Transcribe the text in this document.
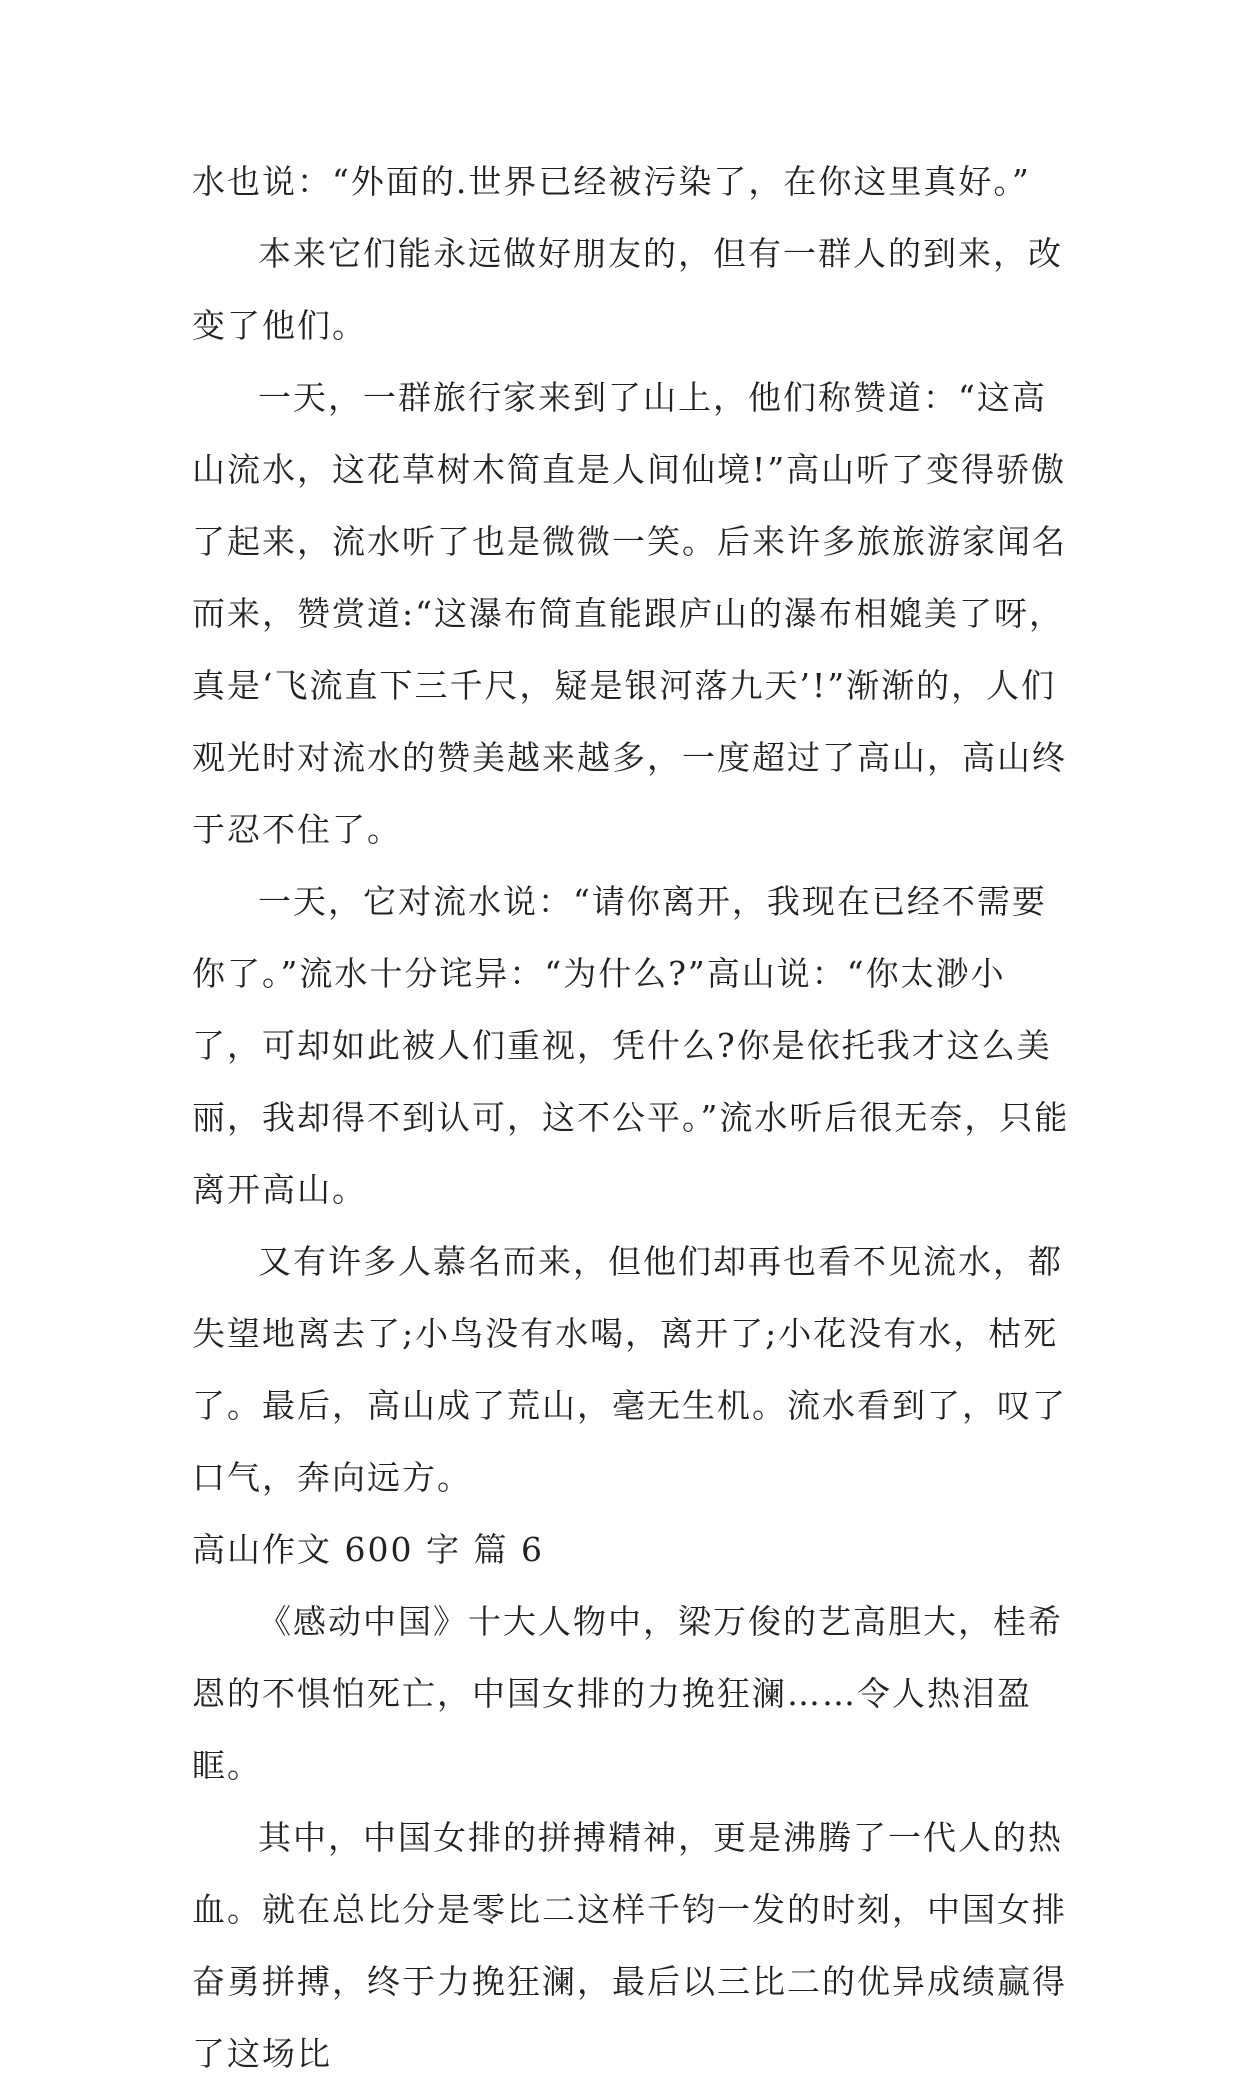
水也说：“外面的.世界已经被污染了，在你这里真好。”

本来它们能永远做好朋友的，但有一群人的到来，改变了他们。

一天，一群旅行家来到了山上，他们称赞道：“这高山流水，这花草树木简直是人间仙境!”高山听了变得骄傲了起来，流水听了也是微微一笑。后来许多旅旅游家闻名而来，赞赏道:“这瀑布简直能跟庐山的瀑布相媲美了呀，真是‘飞流直下三千尺，疑是银河落九天’!”渐渐的，人们观光时对流水的赞美越来越多，一度超过了高山，高山终于忍不住了。

一天，它对流水说：“请你离开，我现在已经不需要你了。”流水十分诧异：“为什么?”高山说：“你太渺小了，可却如此被人们重视，凭什么?你是依托我才这么美丽，我却得不到认可，这不公平。”流水听后很无奈，只能离开高山。

又有许多人慕名而来，但他们却再也看不见流水，都失望地离去了;小鸟没有水喝，离开了;小花没有水，枯死了。最后，高山成了荒山，毫无生机。流水看到了，叹了口气，奔向远方。

高山作文 600 字 篇 6

《感动中国》十大人物中，梁万俊的艺高胆大，桂希恩的不惧怕死亡，中国女排的力挽狂澜……令人热泪盈眶。

其中，中国女排的拼搏精神，更是沸腾了一代人的热血。就在总比分是零比二这样千钧一发的时刻，中国女排奋勇拼搏，终于力挽狂澜，最后以三比二的优异成绩赢得了这场比
